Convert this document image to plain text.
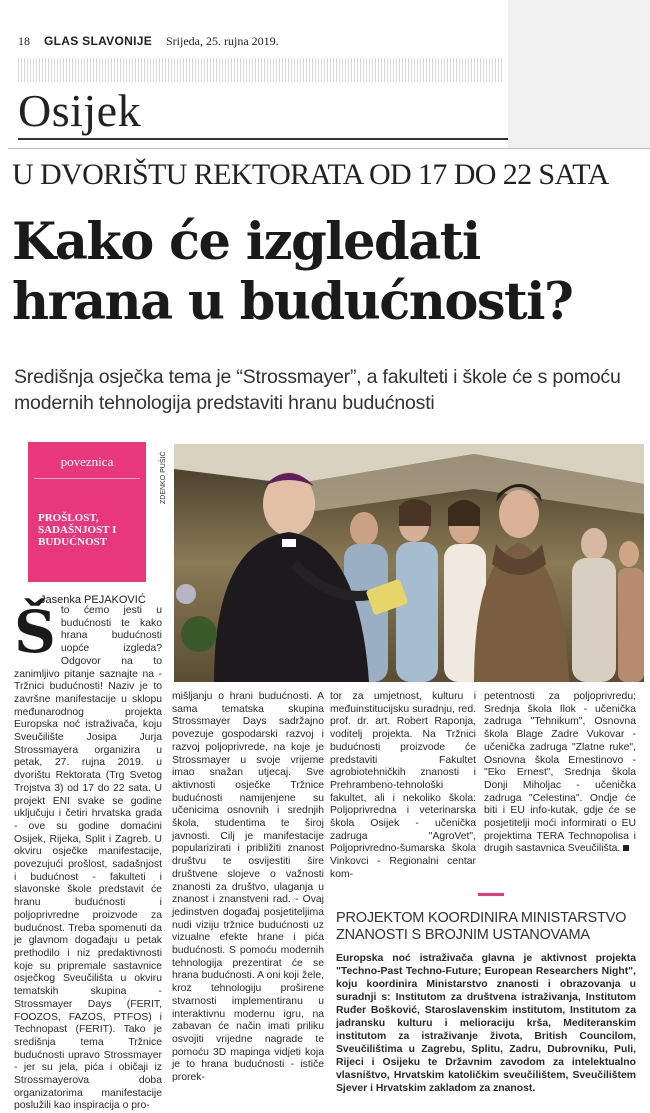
18 GLAS SLAVONIJE Srijeda, 25. rujna 2019.
Osijek
U DVORIŠTU REKTORATA OD 17 DO 22 SATA
Kako će izgledati hrana u budućnosti?
Središnja osječka tema je “Strossmayer”, a fakulteti i škole će s pomoću modernih tehnologija predstaviti hranu budućnosti
poveznica
PROŠLOST, SADAŠNJOST I BUDUĆNOST
Jasenka PEJAKOVIĆ
ZDENKO PUŠIĆ
Što ćemo jesti u budućnosti te kako hrana budućnosti uopće izgleda? Odgovor na to zanimljivo pitanje saznajte na - Tržnici budućnosti! Naziv je to završne manifestacije u sklopu međunarodnog projekta Europska noć istraživača, koju Sveučilište Josipa Jurja Strossmayera organizira u petak, 27. rujna 2019. u dvorištu Rektorata (Trg Svetog Trojstva 3) od 17 do 22 sata. U projekt ENI svake se godine uključuju i četiri hrvatska grada - ove su godine domaćini Osijek, Rijeka, Split i Zagreb. U okviru osječke manifestacije, povezujući prošlost, sadašnjost i budućnost - fakulteti i slavonske škole predstavit će hranu budućnosti i poljoprivredne proizvode za budućnost. Treba spomenuti da je glavnom događaju u petak prethodilo i niz predaktivnosti koje su pripremale sastavnice osječkog Sveučilišta u okviru tematskih skupina - Strossmayer Days (FERIT, FOOZOS, FAZOS, PTFOS) i Technopast (FERIT). Tako je središnja tema Tržnice budućnosti upravo Strossmayer - jer su jela, pića i običaji iz Strossmayerova doba organizatorima manifestacije poslužili kao inspiracija o pro-
mišljanju o hrani budućnosti. A sama tematska skupina Strossmayer Days sadržajno povezuje gospodarski razvoj i razvoj poljoprivrede, na koje je Strossmayer u svoje vrijeme imao snažan utjecaj. Sve aktivnosti osječke Tržnice budućnosti namijenjene su učenicima osnovnih i srednjih škola, studentima te široj javnosti. Cilj je manifestacije popularizirati i približiti znanost društvu te osvijestiti šire društvene slojeve o važnosti znanosti za društvo, ulaganja u znanost i znanstveni rad. - Ovaj jedinstven događaj posjetiteljima nudi viziju tržnice budućnosti uz vizualne efekte hrane i pića budućnosti. S pomoću modernih tehnologija prezentirat će se hrana budućnosti. A oni koji žele, kroz tehnologiju proširene stvarnosti implementiranu u interaktivnu modernu igru, na zabavan će način imati priliku osvojiti vrijedne nagrade te pomoću 3D mapinga vidjeti koja je to hrana budućnosti - ističe prorek-
tor za umjetnost, kulturu i međuinstitucijsku suradnju, red. prof. dr. art. Robert Raponja, voditelj projekta. Na Tržnici budućnosti proizvode će predstaviti Fakultet agrobiotehničkih znanosti i Prehrambeno-tehnološki fakultet, ali i nekoliko škola: Poljoprivredna i veterinarska škola Osijek - učenička zadruga "AgroVet", Poljoprivredno-šumarska škola Vinkovci - Regionalni centar kom-
petentnosti za poljoprivredu; Srednja škola Ilok - učenička zadruga "Tehnikum", Osnovna škola Blage Zadre Vukovar - učenička zadruga "Zlatne ruke", Osnovna škola Ernestinovo - "Eko Ernest", Srednja škola Donji Miholjac - učenička zadruga "Celestina". Ondje će biti i EU info-kutak, gdje će se posjetitelji moći informirati o EU projektima TERA Technopolisa i drugih sastavnica Sveučilišta.
PROJEKTOM KOORDINIRA MINISTARSTVO ZNANOSTI S BROJNIM USTANOVAMA
Europska noć istraživača glavna je aktivnost projekta "Techno-Past Techno-Future; European Researchers Night", koju koordinira Ministarstvo znanosti i obrazovanja u suradnji s: Institutom za društvena istraživanja, Institutom Ruđer Bošković, Staroslavenskim institutom, Institutom za jadransku kulturu i melioraciju krša, Mediteranskim institutom za istraživanje života, British Councilom, Sveučilištima u Zagrebu, Splitu, Zadru, Dubrovniku, Puli, Rijeci i Osijeku te Državnim zavodom za intelektualno vlasništvo, Hrvatskim katoličkim sveučilištem, Sveučilištem Sjever i Hrvatskim zakladom za znanost.
